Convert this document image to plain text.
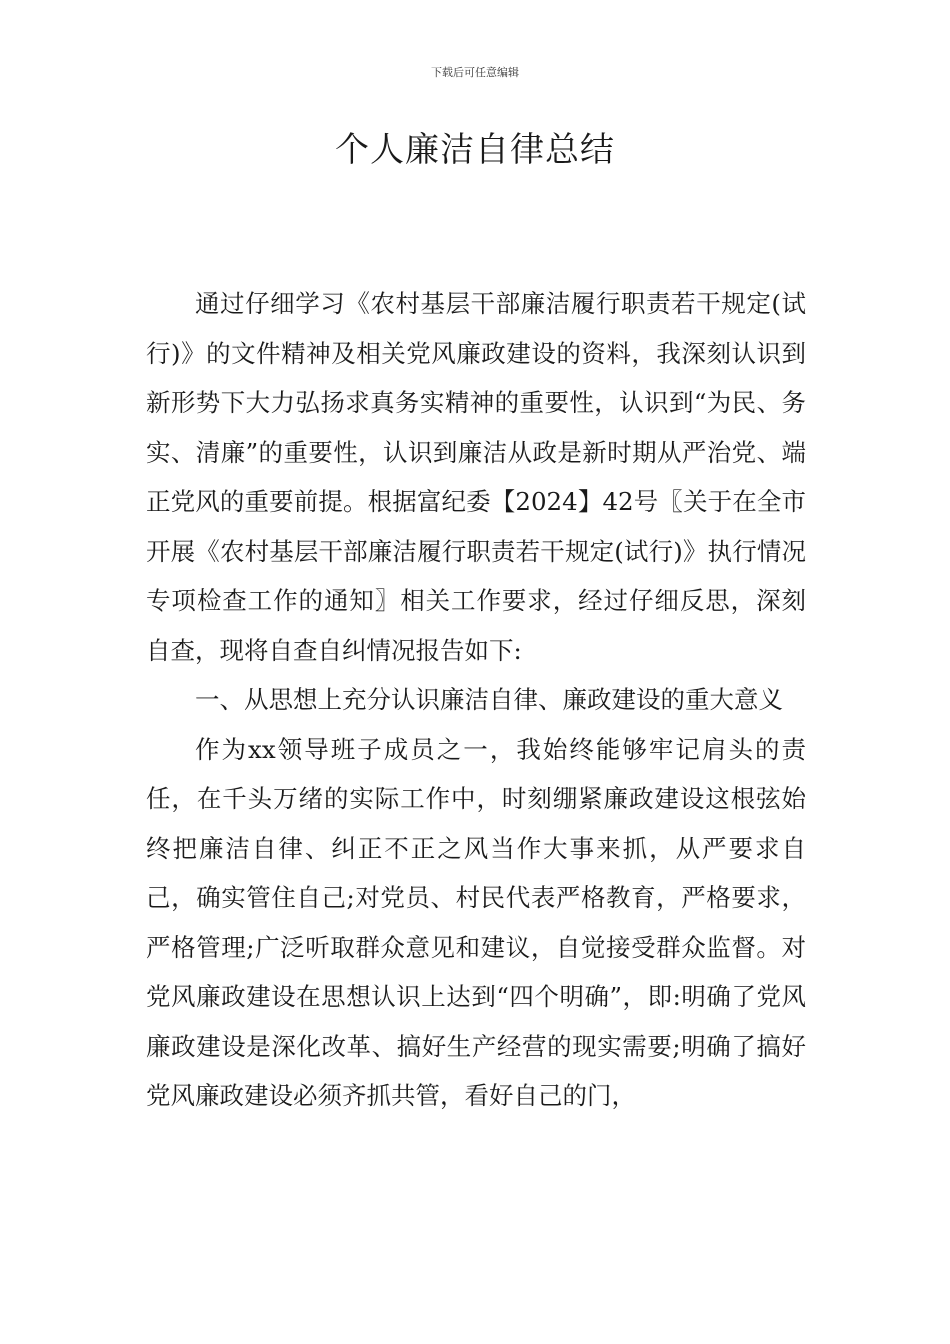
下载后可任意编辑
个人廉洁自律总结

通过仔细学习《农村基层干部廉洁履行职责若干规定(试行)》的文件精神及相关党风廉政建设的资料，我深刻认识到新形势下大力弘扬求真务实精神的重要性，认识到“为民、务实、清廉”的重要性，认识到廉洁从政是新时期从严治党、端正党风的重要前提。根据富纪委【2024】42号〖关于在全市开展《农村基层干部廉洁履行职责若干规定(试行)》执行情况专项检查工作的通知〗相关工作要求，经过仔细反思，深刻自查，现将自查自纠情况报告如下:

一、从思想上充分认识廉洁自律、廉政建设的重大意义

作为xx领导班子成员之一，我始终能够牢记肩头的责任，在千头万绪的实际工作中，时刻绷紧廉政建设这根弦始终把廉洁自律、纠正不正之风当作大事来抓，从严要求自己，确实管住自己;对党员、村民代表严格教育，严格要求，严格管理;广泛听取群众意见和建议，自觉接受群众监督。对党风廉政建设在思想认识上达到“四个明确”，即:明确了党风廉政建设是深化改革、搞好生产经营的现实需要;明确了搞好党风廉政建设必须齐抓共管，看好自己的门，
